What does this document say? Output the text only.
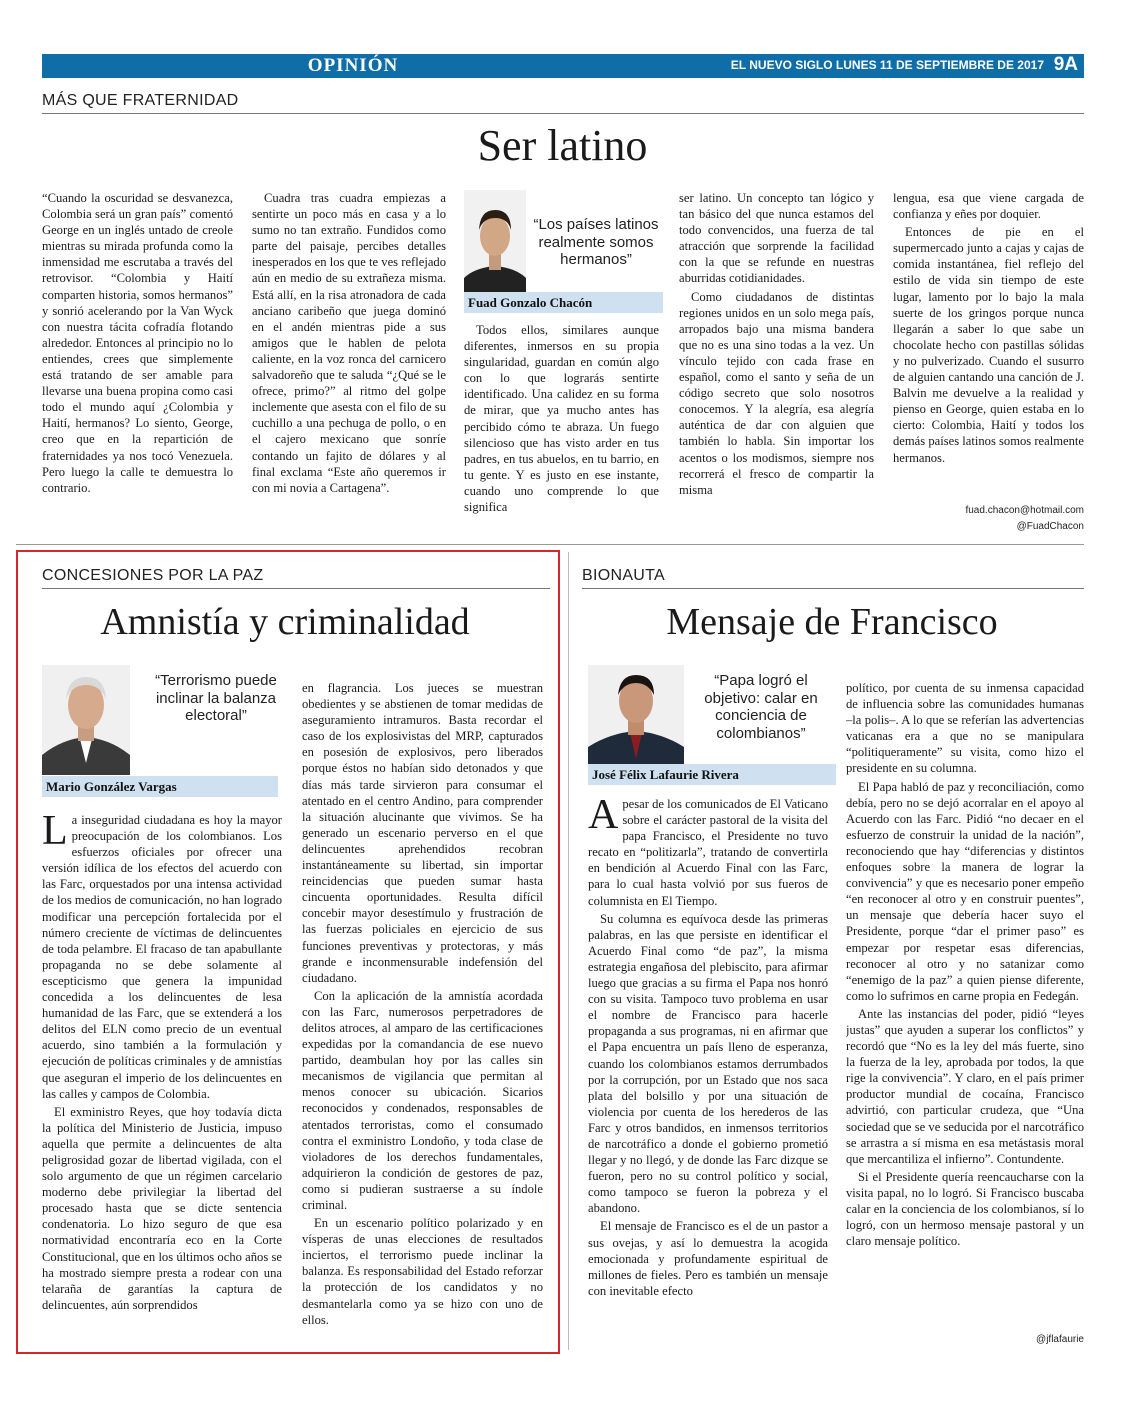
OPINIÓN	EL NUEVO SIGLO LUNES 11 DE SEPTIEMBRE DE 2017 9A
MÁS QUE FRATERNIDAD
Ser latino

“Cuando la oscuridad se desvanezca, Colombia será un gran país” comentó George en un inglés untado de creole mientras su mirada profunda como la inmensidad me escrutaba a través del retrovisor. “Colombia y Haití comparten historia, somos hermanos” y sonrió acelerando por la Van Wyck con nuestra tácita cofradía flotando alrededor. Entonces al principio no lo entiendes, crees que simplemente está tratando de ser amable para llevarse una buena propina como casi todo el mundo aquí ¿Colombia y Haití, hermanos? Lo siento, George, creo que en la repartición de fraternidades ya nos tocó Venezuela. Pero luego la calle te demuestra lo contrario.

Cuadra tras cuadra empiezas a sentirte un poco más en casa y a lo sumo no tan extraño. Fundidos como parte del paisaje, percibes detalles inesperados en los que te ves reflejado aún en medio de su extrañeza misma. Está allí, en la risa atronadora de cada anciano caribeño que juega dominó en el andén mientras pide a sus amigos que le hablen de pelota caliente, en la voz ronca del carnicero salvadoreño que te saluda “¿Qué se le ofrece, primo?” al ritmo del golpe inclemente que asesta con el filo de su cuchillo a una pechuga de pollo, o en el cajero mexicano que sonríe contando un fajito de dólares y al final exclama “Este año queremos ir con mi novia a Cartagena”.

“Los países latinos realmente somos hermanos”
Fuad Gonzalo Chacón

Todos ellos, similares aunque diferentes, inmersos en su propia singularidad, guardan en común algo con lo que lograrás sentirte identificado. Una calidez en su forma de mirar, que ya mucho antes has percibido cómo te abraza. Un fuego silencioso que has visto arder en tus padres, en tus abuelos, en tu barrio, en tu gente. Y es justo en ese instante, cuando uno comprende lo que significa

ser latino. Un concepto tan lógico y tan básico del que nunca estamos del todo convencidos, una fuerza de tal atracción que sorprende la facilidad con la que se refunde en nuestras aburridas cotidianidades.

Como ciudadanos de distintas regiones unidos en un solo mega país, arropados bajo una misma bandera que no es una sino todas a la vez. Un vínculo tejido con cada frase en español, como el santo y seña de un código secreto que solo nosotros conocemos. Y la alegría, esa alegría auténtica de dar con alguien que también lo habla. Sin importar los acentos o los modismos, siempre nos recorrerá el fresco de compartir la misma

lengua, esa que viene cargada de confianza y eñes por doquier.

Entonces de pie en el supermercado junto a cajas y cajas de comida instantánea, fiel reflejo del estilo de vida sin tiempo de este lugar, lamento por lo bajo la mala suerte de los gringos porque nunca llegarán a saber lo que sabe un chocolate hecho con pastillas sólidas y no pulverizado. Cuando el susurro de alguien cantando una canción de J. Balvin me devuelve a la realidad y pienso en George, quien estaba en lo cierto: Colombia, Haití y todos los demás países latinos somos realmente hermanos.

fuad.chacon@hotmail.com
@FuadChacon
CONCESIONES POR LA PAZ
Amnistía y criminalidad
“Terrorismo puede inclinar la balanza electoral”
Mario González Vargas

La inseguridad ciudadana es hoy la mayor preocupación de los colombianos. Los esfuerzos oficiales por ofrecer una versión idílica de los efectos del acuerdo con las Farc, orquestados por una intensa actividad de los medios de comunicación, no han logrado modificar una percepción fortalecida por el número creciente de víctimas de delincuentes de toda pelambre. El fracaso de tan apabullante propaganda no se debe solamente al escepticismo que genera la impunidad concedida a los delincuentes de lesa humanidad de las Farc, que se extenderá a los delitos del ELN como precio de un eventual acuerdo, sino también a la formulación y ejecución de políticas criminales y de amnistías que aseguran el imperio de los delincuentes en las calles y campos de Colombia.

El exministro Reyes, que hoy todavía dicta la política del Ministerio de Justicia, impuso aquella que permite a delincuentes de alta peligrosidad gozar de libertad vigilada, con el solo argumento de que un régimen carcelario moderno debe privilegiar la libertad del procesado hasta que se dicte sentencia condenatoria. Lo hizo seguro de que esa normatividad encontraría eco en la Corte Constitucional, que en los últimos ocho años se ha mostrado siempre presta a rodear con una telaraña de garantías la captura de delincuentes, aún sorprendidos

en flagrancia. Los jueces se muestran obedientes y se abstienen de tomar medidas de aseguramiento intramuros. Basta recordar el caso de los explosivistas del MRP, capturados en posesión de explosivos, pero liberados porque éstos no habían sido detonados y que días más tarde sirvieron para consumar el atentado en el centro Andino, para comprender la situación alucinante que vivimos. Se ha generado un escenario perverso en el que delincuentes aprehendidos recobran instantáneamente su libertad, sin importar reincidencias que pueden sumar hasta cincuenta oportunidades. Resulta difícil concebir mayor desestímulo y frustración de las fuerzas policiales en ejercicio de sus funciones preventivas y protectoras, y más grande e inconmensurable indefensión del ciudadano.

Con la aplicación de la amnistía acordada con las Farc, numerosos perpetradores de delitos atroces, al amparo de las certificaciones expedidas por la comandancia de ese nuevo partido, deambulan hoy por las calles sin mecanismos de vigilancia que permitan al menos conocer su ubicación. Sicarios reconocidos y condenados, responsables de atentados terroristas, como el consumado contra el exministro Londoño, y toda clase de violadores de los derechos fundamentales, adquirieron la condición de gestores de paz, como si pudieran sustraerse a su índole criminal.

En un escenario político polarizado y en vísperas de unas elecciones de resultados inciertos, el terrorismo puede inclinar la balanza. Es responsabilidad del Estado reforzar la protección de los candidatos y no desmantelarla como ya se hizo con uno de ellos.

BIONAUTA
Mensaje de Francisco
“Papa logró el objetivo: calar en conciencia de colombianos”
José Félix Lafaurie Rivera

Apesar de los comunicados de El Vaticano sobre el carácter pastoral de la visita del papa Francisco, el Presidente no tuvo recato en “politizarla”, tratando de convertirla en bendición al Acuerdo Final con las Farc, para lo cual hasta volvió por sus fueros de columnista en El Tiempo.

Su columna es equívoca desde las primeras palabras, en las que persiste en identificar el Acuerdo Final como “de paz”, la misma estrategia engañosa del plebiscito, para afirmar luego que gracias a su firma el Papa nos honró con su visita. Tampoco tuvo problema en usar el nombre de Francisco para hacerle propaganda a sus programas, ni en afirmar que el Papa encuentra un país lleno de esperanza, cuando los colombianos estamos derrumbados por la corrupción, por un Estado que nos saca plata del bolsillo y por una situación de violencia por cuenta de los herederos de las Farc y otros bandidos, en inmensos territorios de narcotráfico a donde el gobierno prometió llegar y no llegó, y de donde las Farc dizque se fueron, pero no su control político y social, como tampoco se fueron la pobreza y el abandono.

El mensaje de Francisco es el de un pastor a sus ovejas, y así lo demuestra la acogida emocionada y profundamente espiritual de millones de fieles. Pero es también un mensaje con inevitable efecto

político, por cuenta de su inmensa capacidad de influencia sobre las comunidades humanas –la polis–. A lo que se referían las advertencias vaticanas era a que no se manipulara “politiqueramente” su visita, como hizo el presidente en su columna.

El Papa habló de paz y reconciliación, como debía, pero no se dejó acorralar en el apoyo al Acuerdo con las Farc. Pidió “no decaer en el esfuerzo de construir la unidad de la nación”, reconociendo que hay “diferencias y distintos enfoques sobre la manera de lograr la convivencia” y que es necesario poner empeño “en reconocer al otro y en construir puentes”, un mensaje que debería hacer suyo el Presidente, porque “dar el primer paso” es empezar por respetar esas diferencias, reconocer al otro y no satanizar como “enemigo de la paz” a quien piense diferente, como lo sufrimos en carne propia en Fedegán.

Ante las instancias del poder, pidió “leyes justas” que ayuden a superar los conflictos” y recordó que “No es la ley del más fuerte, sino la fuerza de la ley, aprobada por todos, la que rige la convivencia”. Y claro, en el país primer productor mundial de cocaína, Francisco advirtió, con particular crudeza, que “Una sociedad que se ve seducida por el narcotráfico se arrastra a sí misma en esa metástasis moral que mercantiliza el infierno”. Contundente.

Si el Presidente quería reencaucharse con la visita papal, no lo logró. Si Francisco buscaba calar en la conciencia de los colombianos, sí lo logró, con un hermoso mensaje pastoral y un claro mensaje político.

@jflafaurie
